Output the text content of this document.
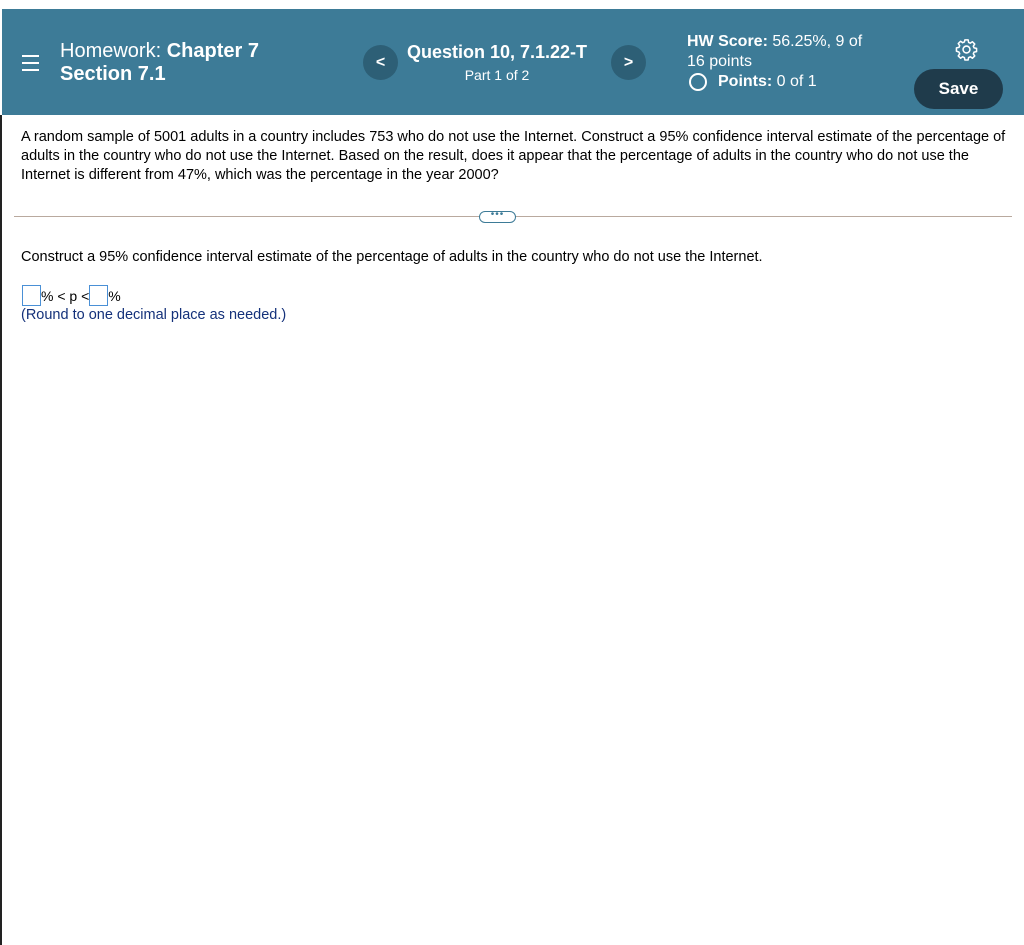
Homework: Chapter 7
Section 7.1
< Question 10, 7.1.22-T
Part 1 of 2
>
HW Score: 56.25%, 9 of
16 points
Points:
0 of 1	Save
A random sample of 5001 adults in a country includes 753 who do not use the Internet. Construct a 95% confidence interval estimate of the percentage of adults in the country who do not use the Internet. Based on the result, does it appear that the percentage of adults in the country who do not use the Internet is different from 47%, which was the percentage in the year 2000?
•••
Construct a 95% confidence interval estimate of the percentage of adults in the country who do not use the Internet.
% < p < %
(Round to one decimal place as needed.)
